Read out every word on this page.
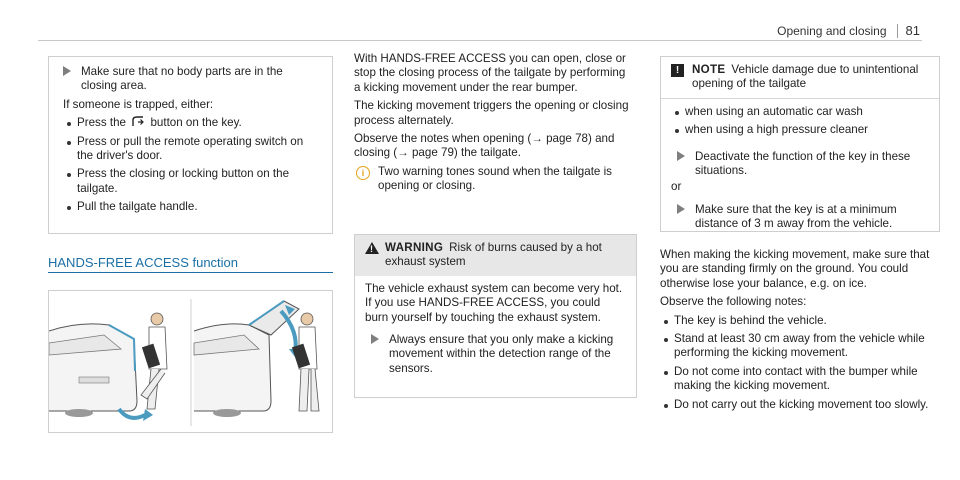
Opening and closing 81
Make sure that no body parts are in the closing area.

If someone is trapped, either:

Press the button on the key.
Press or pull the remote operating switch on the driver's door.
Press the closing or locking button on the tailgate.
Pull the tailgate handle.
HANDS-FREE ACCESS function

With HANDS-FREE ACCESS you can open, close or stop the closing process of the tailgate by performing a kicking movement under the rear bumper.

The kicking movement triggers the opening or closing process alternately.

Observe the notes when opening (→ page 78) and closing (→ page 79) the tailgate.

i	Two warning tones sound when the tailgate is opening or closing.
! WARNING Risk of burns caused by a hot exhaust system

The vehicle exhaust system can become very hot. If you use HANDS-FREE ACCESS, you could burn yourself by touching the exhaust system.

Always ensure that you only make a kicking movement within the detection range of the sensors.
!	NOTE Vehicle damage due to unintentional opening of the tailgate
when using an automatic car wash
when using a high pressure cleaner
Deactivate the function of the key in these situations.

or

Make sure that the key is at a minimum distance of 3 m away from the vehicle.

When making the kicking movement, make sure that you are standing firmly on the ground. You could otherwise lose your balance, e.g. on ice.

Observe the following notes:

The key is behind the vehicle.
Stand at least 30 cm away from the vehicle while performing the kicking movement.
Do not come into contact with the bumper while making the kicking movement.
Do not carry out the kicking movement too slowly.
